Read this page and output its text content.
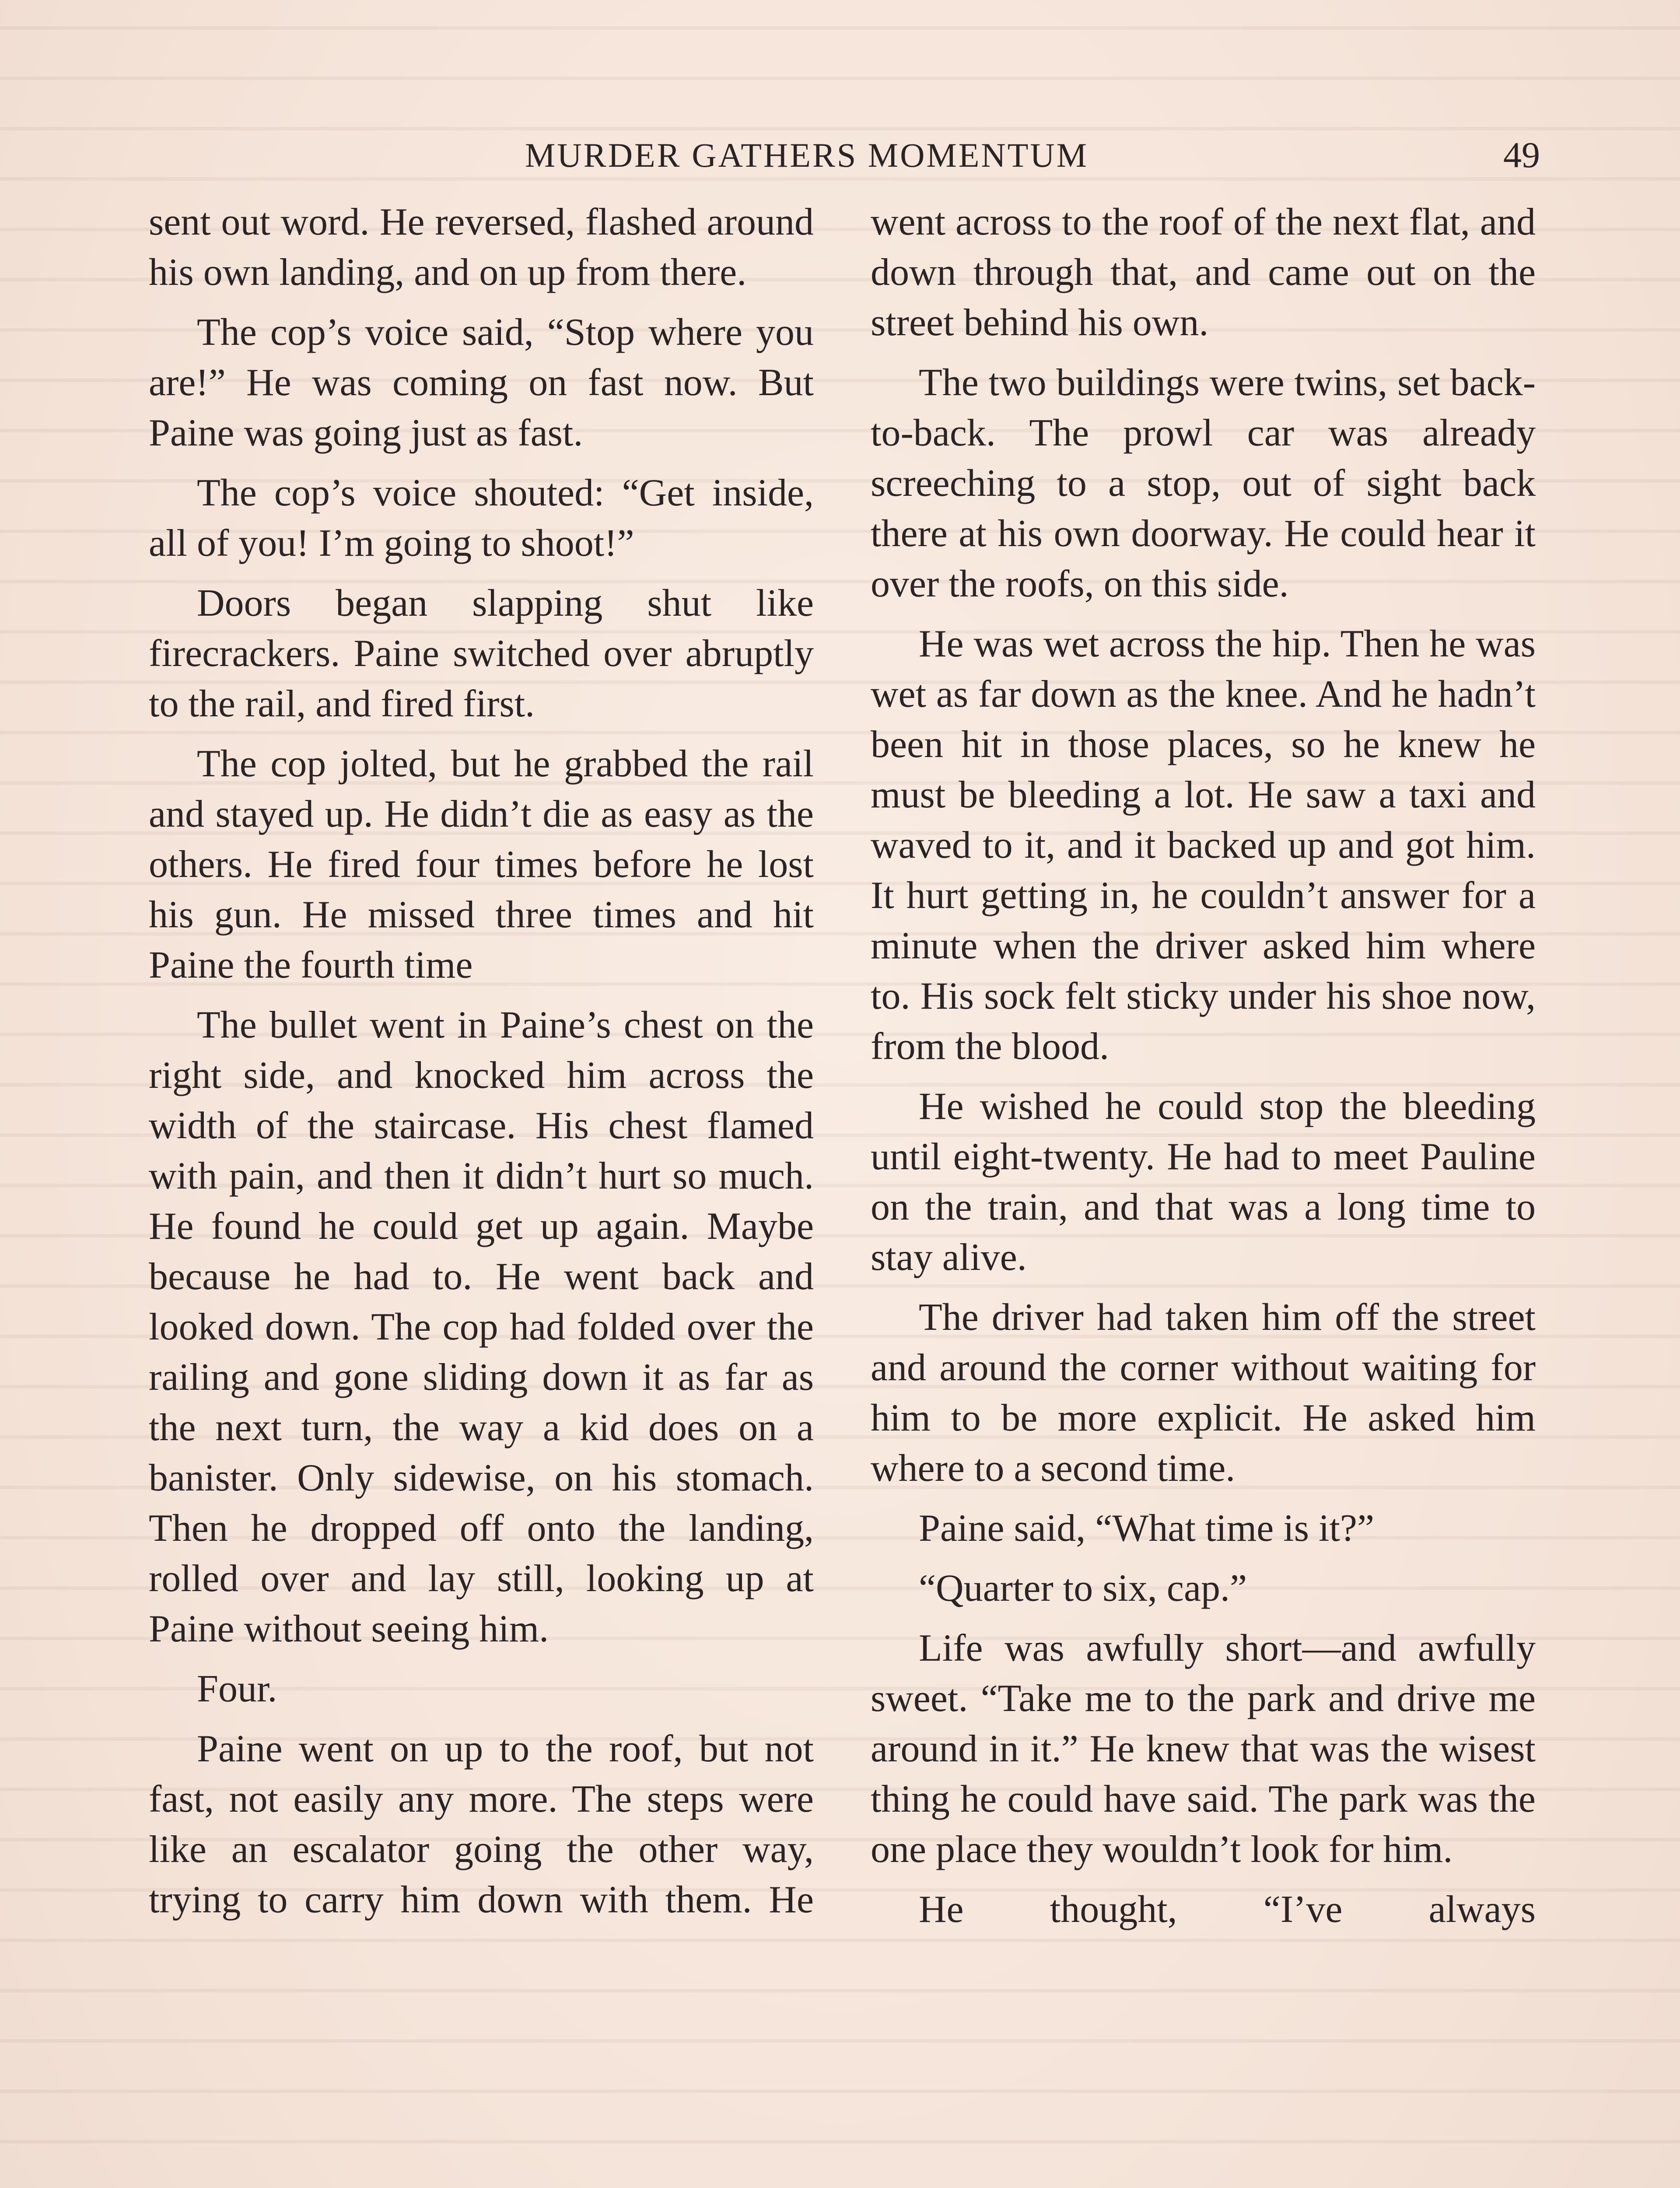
MURDER GATHERS MOMENTUM	49

sent out word. He reversed, flashed around his own landing, and on up from there.

The cop’s voice said, “Stop where you are!” He was coming on fast now. But Paine was going just as fast.

The cop’s voice shouted: “Get inside, all of you! I’m going to shoot!”

Doors began slapping shut like firecrackers. Paine switched over abruptly to the rail, and fired first.

The cop jolted, but he grabbed the rail and stayed up. He didn’t die as easy as the others. He fired four times before he lost his gun. He missed three times and hit Paine the fourth time

The bullet went in Paine’s chest on the right side, and knocked him across the width of the staircase. His chest flamed with pain, and then it didn’t hurt so much. He found he could get up again. Maybe because he had to. He went back and looked down. The cop had folded over the railing and gone sliding down it as far as the next turn, the way a kid does on a banister. Only sidewise, on his stomach. Then he dropped off onto the landing, rolled over and lay still, looking up at Paine without seeing him.

Four.

Paine went on up to the roof, but not fast, not easily any more. The steps were like an escalator going the other way, trying to carry him down with them. He

went across to the roof of the next flat, and down through that, and came out on the street behind his own.

The two buildings were twins, set back-to-back. The prowl car was already screeching to a stop, out of sight back there at his own doorway. He could hear it over the roofs, on this side.

He was wet across the hip. Then he was wet as far down as the knee. And he hadn’t been hit in those places, so he knew he must be bleeding a lot. He saw a taxi and waved to it, and it backed up and got him. It hurt getting in, he couldn’t answer for a minute when the driver asked him where to. His sock felt sticky under his shoe now, from the blood.

He wished he could stop the bleeding until eight-twenty. He had to meet Pauline on the train, and that was a long time to stay alive.

The driver had taken him off the street and around the corner without waiting for him to be more explicit. He asked him where to a second time.

Paine said, “What time is it?”

“Quarter to six, cap.”

Life was awfully short—and awfully sweet. “Take me to the park and drive me around in it.” He knew that was the wisest thing he could have said. The park was the one place they wouldn’t look for him.

He thought, “I’ve always
